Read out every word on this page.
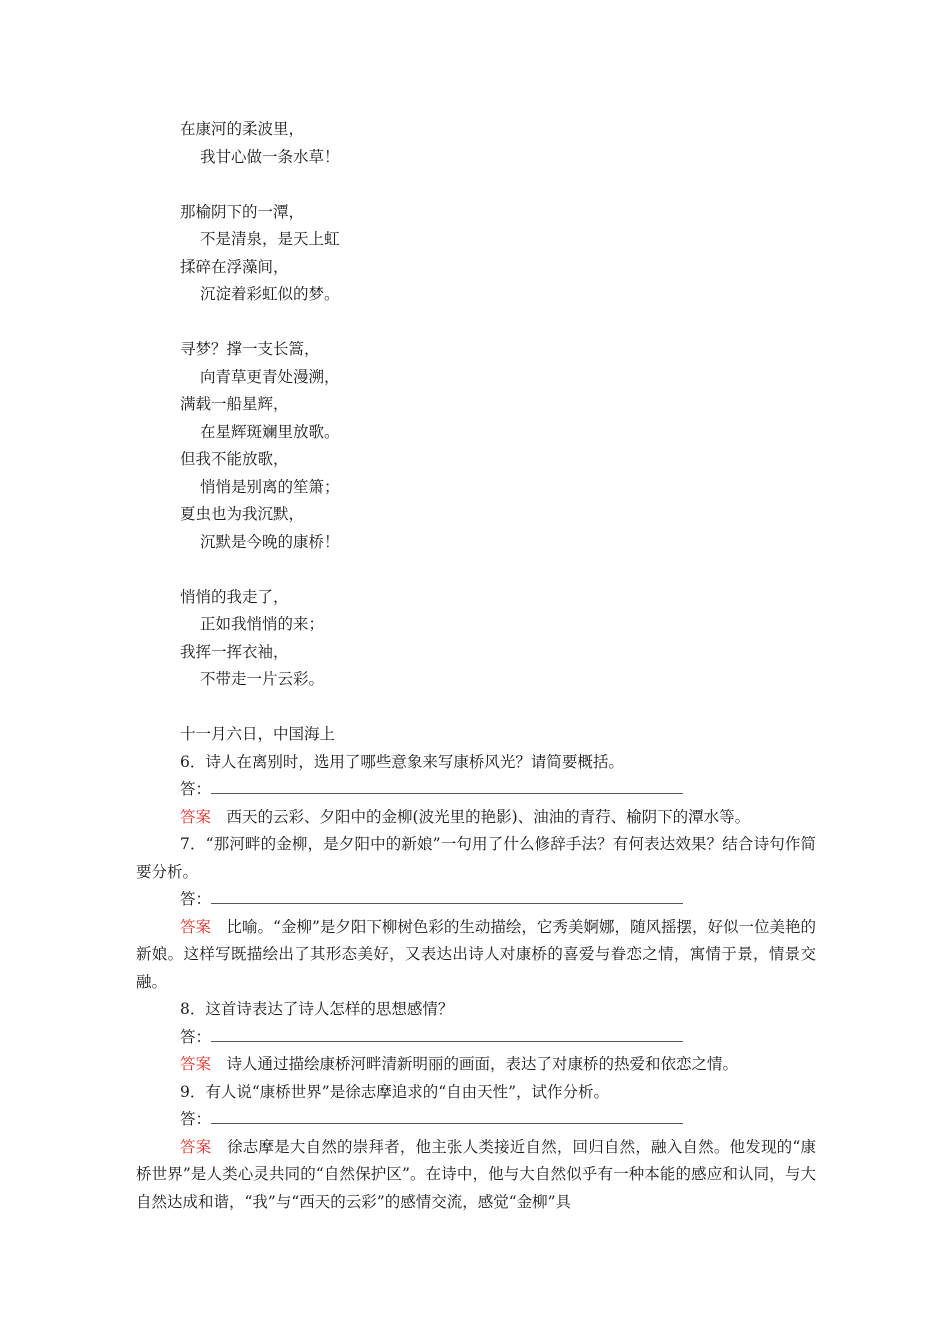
在康河的柔波里，
我甘心做一条水草！
那榆阴下的一潭，
不是清泉，是天上虹
揉碎在浮藻间，
沉淀着彩虹似的梦。
寻梦？撑一支长篙，
向青草更青处漫溯，
满载一船星辉，
在星辉斑斓里放歌。
但我不能放歌，
悄悄是别离的笙箫；
夏虫也为我沉默，
沉默是今晚的康桥！
悄悄的我走了，
正如我悄悄的来；
我挥一挥衣袖，
不带走一片云彩。
十一月六日，中国海上
6．诗人在离别时，选用了哪些意象来写康桥风光？请简要概括。
答：

答案　 西天的云彩、夕阳中的金柳(波光里的艳影)、油油的青荇、榆阴下的潭水等。

7．“那河畔的金柳，是夕阳中的新娘”一句用了什么修辞手法？有何表达效果？结合诗句作简要分析。

答：

答案　 比喻。“金柳”是夕阳下柳树色彩的生动描绘，它秀美婀娜，随风摇摆，好似一位美艳的新娘。这样写既描绘出了其形态美好，又表达出诗人对康桥的喜爱与眷恋之情，寓情于景，情景交融。

8．这首诗表达了诗人怎样的思想感情？
答：

答案　 诗人通过描绘康桥河畔清新明丽的画面，表达了对康桥的热爱和依恋之情。

9．有人说“康桥世界”是徐志摩追求的“自由天性”，试作分析。
答：

答案　 徐志摩是大自然的崇拜者，他主张人类接近自然，回归自然，融入自然。他发现的“康桥世界”是人类心灵共同的“自然保护区”。在诗中，他与大自然似乎有一种本能的感应和认同，与大自然达成和谐，“我”与“西天的云彩”的感情交流，感觉“金柳”具
